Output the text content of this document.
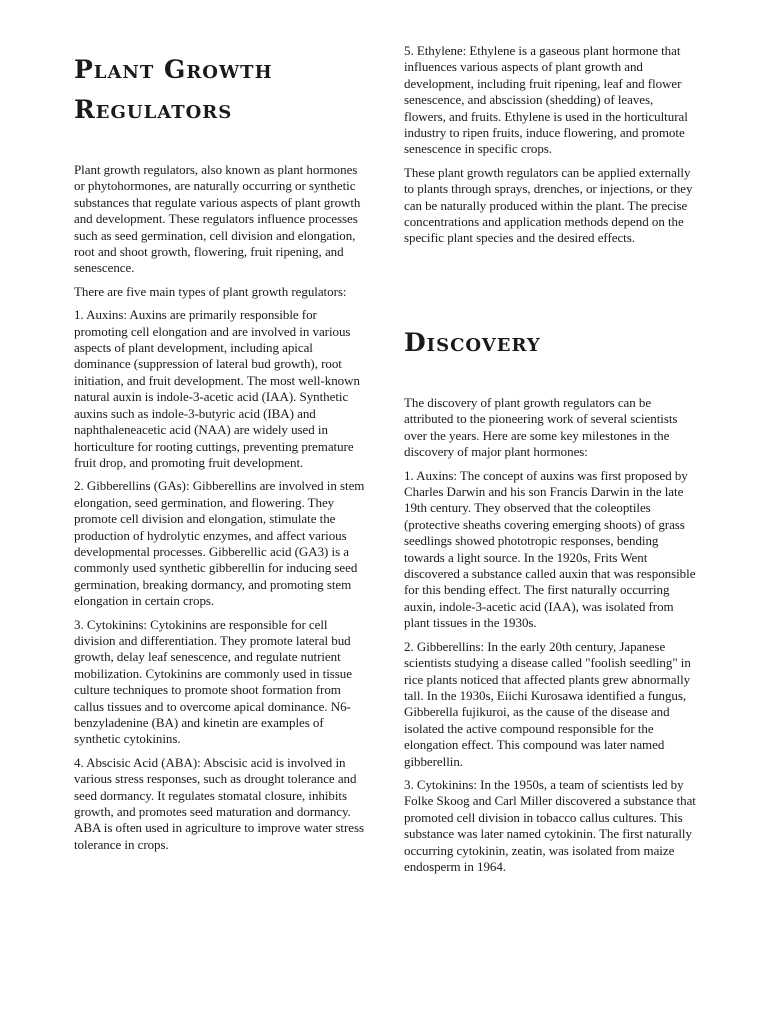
Plant Growth Regulators

Plant growth regulators, also known as plant hormones or phytohormones, are naturally occurring or synthetic substances that regulate various aspects of plant growth and development. These regulators influence processes such as seed germination, cell division and elongation, root and shoot growth, flowering, fruit ripening, and senescence.

There are five main types of plant growth regulators:

1. Auxins: Auxins are primarily responsible for promoting cell elongation and are involved in various aspects of plant development, including apical dominance (suppression of lateral bud growth), root initiation, and fruit development. The most well-known natural auxin is indole-3-acetic acid (IAA). Synthetic auxins such as indole-3-butyric acid (IBA) and naphthaleneacetic acid (NAA) are widely used in horticulture for rooting cuttings, preventing premature fruit drop, and promoting fruit development.

2. Gibberellins (GAs): Gibberellins are involved in stem elongation, seed germination, and flowering. They promote cell division and elongation, stimulate the production of hydrolytic enzymes, and affect various developmental processes. Gibberellic acid (GA3) is a commonly used synthetic gibberellin for inducing seed germination, breaking dormancy, and promoting stem elongation in certain crops.

3. Cytokinins: Cytokinins are responsible for cell division and differentiation. They promote lateral bud growth, delay leaf senescence, and regulate nutrient mobilization. Cytokinins are commonly used in tissue culture techniques to promote shoot formation from callus tissues and to overcome apical dominance. N6-benzyladenine (BA) and kinetin are examples of synthetic cytokinins.

4. Abscisic Acid (ABA): Abscisic acid is involved in various stress responses, such as drought tolerance and seed dormancy. It regulates stomatal closure, inhibits growth, and promotes seed maturation and dormancy. ABA is often used in agriculture to improve water stress tolerance in crops.

5. Ethylene: Ethylene is a gaseous plant hormone that influences various aspects of plant growth and development, including fruit ripening, leaf and flower senescence, and abscission (shedding) of leaves, flowers, and fruits. Ethylene is used in the horticultural industry to ripen fruits, induce flowering, and promote senescence in specific crops.

These plant growth regulators can be applied externally to plants through sprays, drenches, or injections, or they can be naturally produced within the plant. The precise concentrations and application methods depend on the specific plant species and the desired effects.

Discovery

The discovery of plant growth regulators can be attributed to the pioneering work of several scientists over the years. Here are some key milestones in the discovery of major plant hormones:

1. Auxins: The concept of auxins was first proposed by Charles Darwin and his son Francis Darwin in the late 19th century. They observed that the coleoptiles (protective sheaths covering emerging shoots) of grass seedlings showed phototropic responses, bending towards a light source. In the 1920s, Frits Went discovered a substance called auxin that was responsible for this bending effect. The first naturally occurring auxin, indole-3-acetic acid (IAA), was isolated from plant tissues in the 1930s.

2. Gibberellins: In the early 20th century, Japanese scientists studying a disease called "foolish seedling" in rice plants noticed that affected plants grew abnormally tall. In the 1930s, Eiichi Kurosawa identified a fungus, Gibberella fujikuroi, as the cause of the disease and isolated the active compound responsible for the elongation effect. This compound was later named gibberellin.

3. Cytokinins: In the 1950s, a team of scientists led by Folke Skoog and Carl Miller discovered a substance that promoted cell division in tobacco callus cultures. This substance was later named cytokinin. The first naturally occurring cytokinin, zeatin, was isolated from maize endosperm in 1964.
